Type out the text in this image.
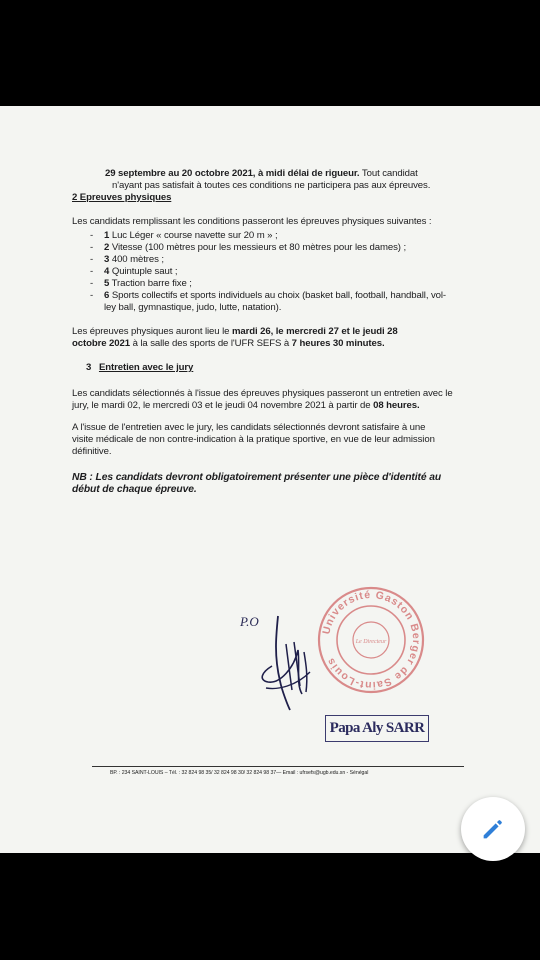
29 septembre au 20 octobre 2021, à midi délai de rigueur. Tout candidat
n'ayant pas satisfait à toutes ces conditions ne participera pas aux épreuves.
2 Epreuves physiques
Les candidats remplissant les conditions passeront les épreuves physiques suivantes :
- 1 Luc Léger « course navette sur 20 m » ;
- 2 Vitesse (100 mètres pour les messieurs et 80 mètres pour les dames) ;
- 3 400 mètres ;
- 4 Quintuple saut ;
- 5 Traction barre fixe ;
- 6 Sports collectifs et sports individuels au choix (basket ball, football, handball, vol-
ley ball, gymnastique, judo, lutte, natation).
Les épreuves physiques auront lieu le mardi 26, le mercredi 27 et le jeudi 28
octobre 2021 à la salle des sports de l'UFR SEFS à 7 heures 30 minutes.
3 Entretien avec le jury
Les candidats sélectionnés à l'issue des épreuves physiques passeront un entretien avec le
jury, le mardi 02, le mercredi 03 et le jeudi 04 novembre 2021 à partir de 08 heures.
A l'issue de l'entretien avec le jury, les candidats sélectionnés devront satisfaire à une
visite médicale de non contre-indication à la pratique sportive, en vue de leur admission
définitive.
NB : Les candidats devront obligatoirement présenter une pièce d'identité au
début de chaque épreuve.
P.O
Université Gaston Berger de Saint-Louis
Le Directeur
Papa Aly SARR
BP. : 234 SAINT-LOUIS – Tél. : 32 824 98 35/ 32 824 98 30/ 32 824 98 37— Email : ufrsefs@ugb.edu.sn - Sénégal
